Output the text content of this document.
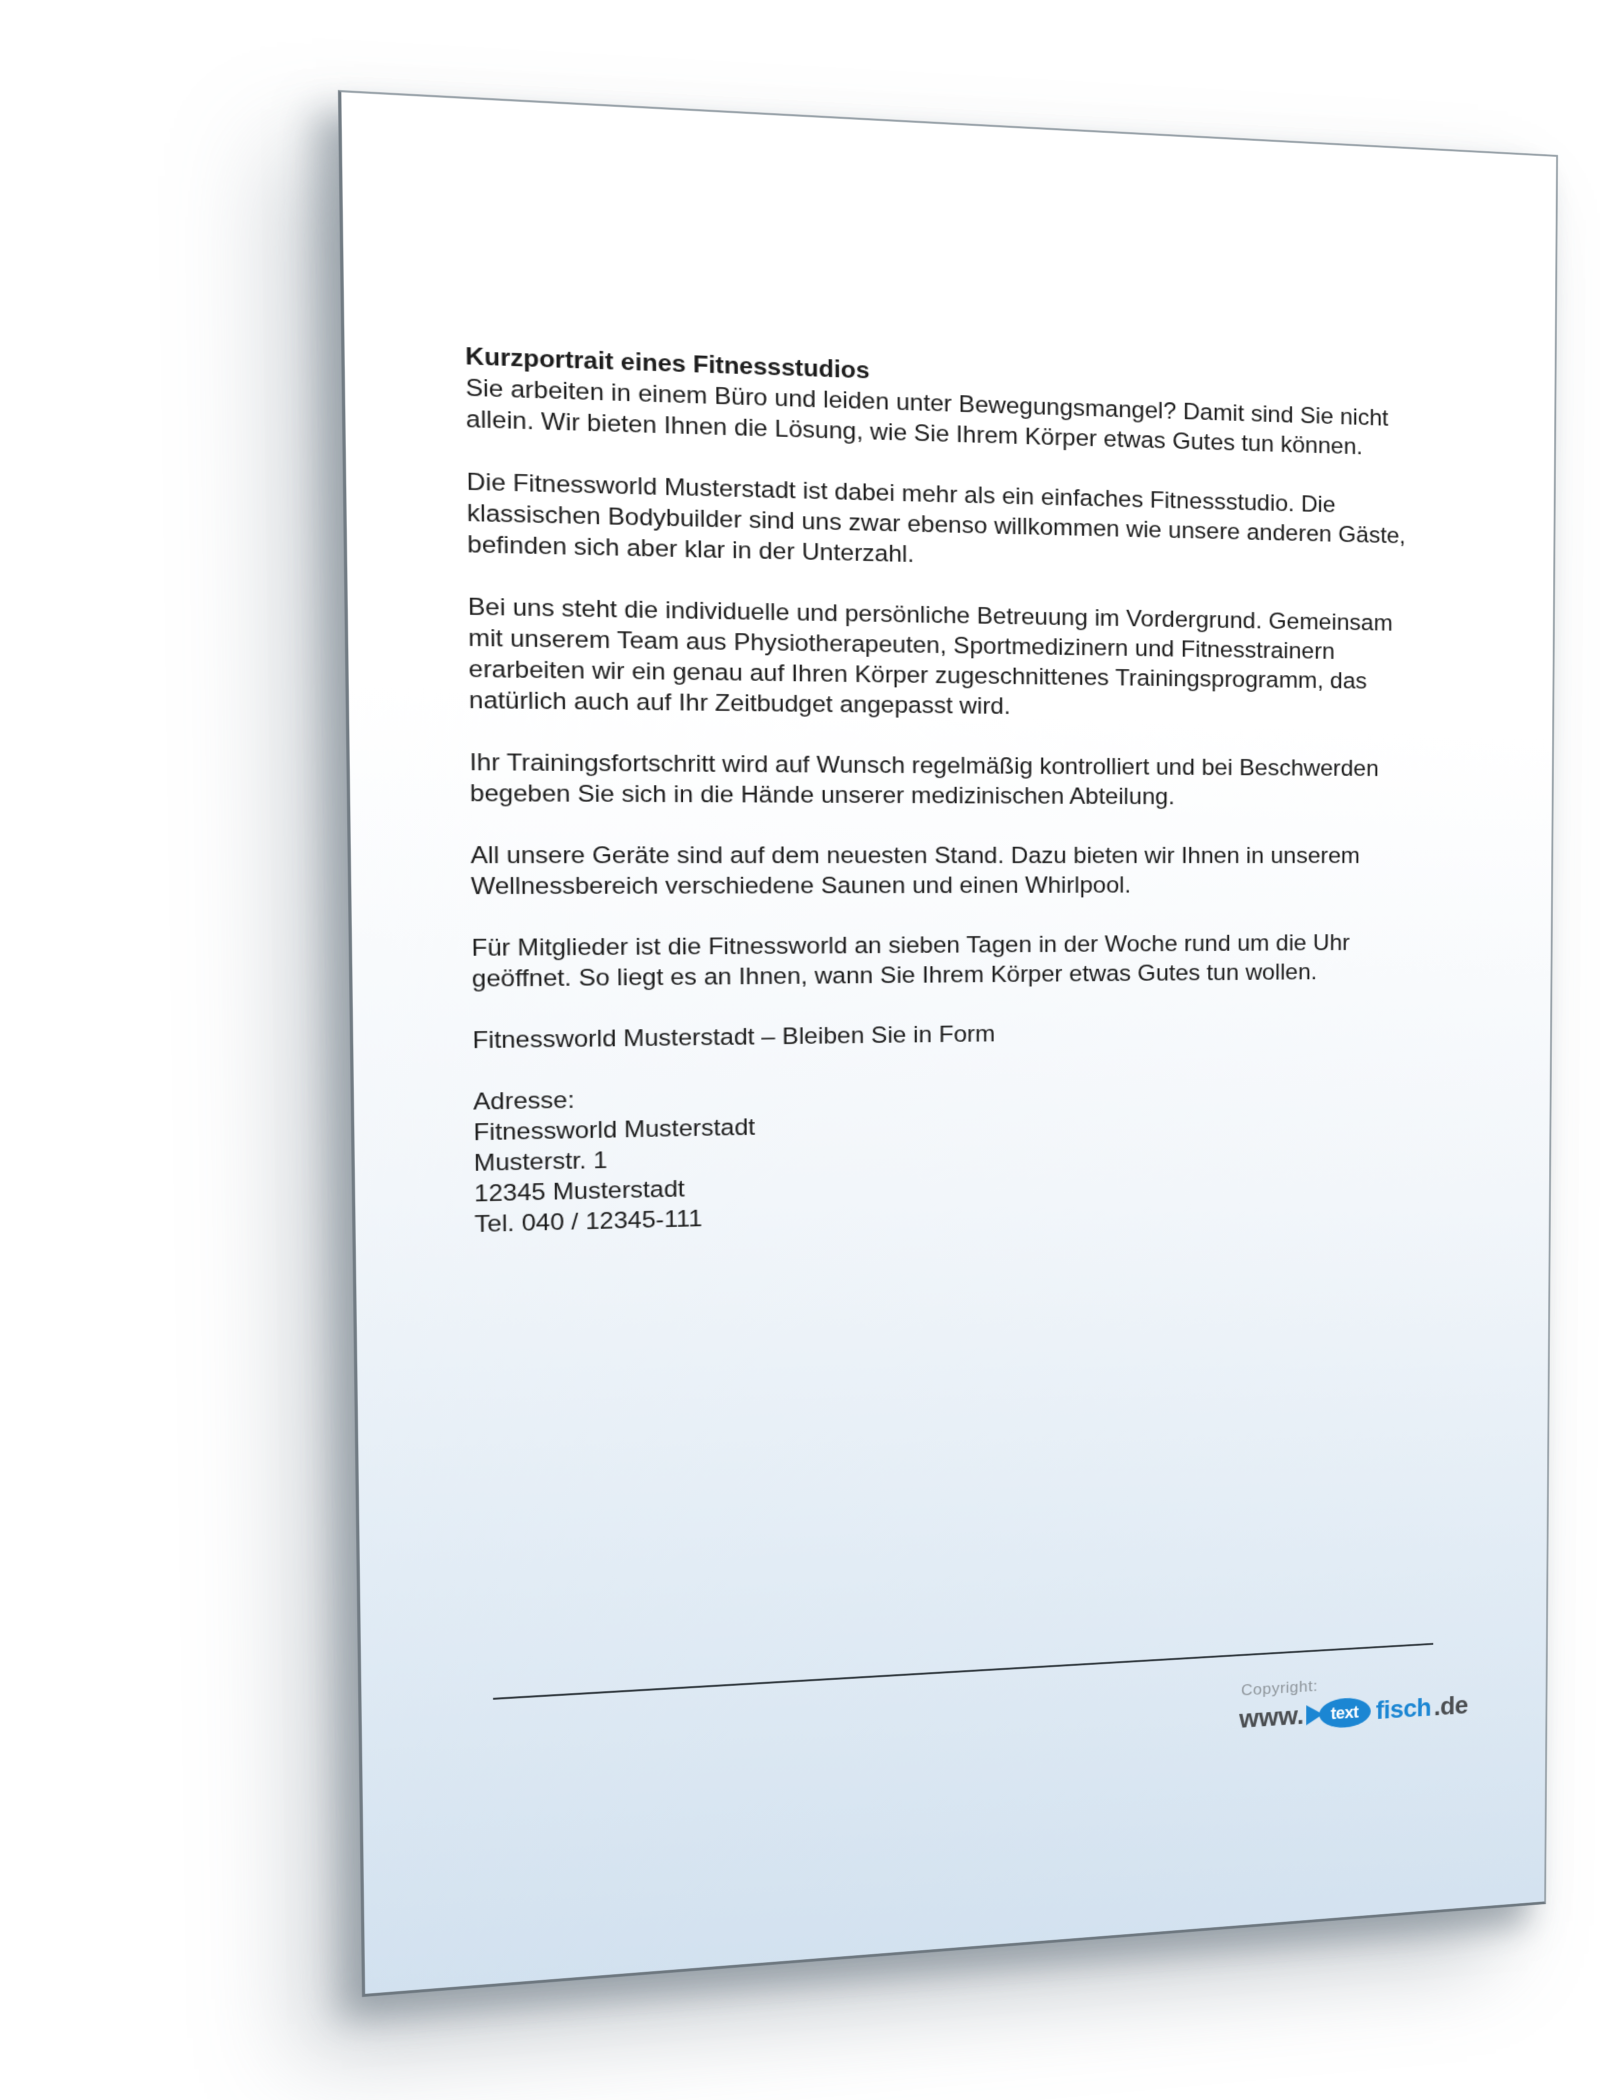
Kurzportrait eines Fitnessstudios
Sie arbeiten in einem Büro und leiden unter Bewegungsmangel? Damit sind Sie nicht
allein. Wir bieten Ihnen die Lösung, wie Sie Ihrem Körper etwas Gutes tun können.
Die Fitnessworld Musterstadt ist dabei mehr als ein einfaches Fitnessstudio. Die
klassischen Bodybuilder sind uns zwar ebenso willkommen wie unsere anderen Gäste,
befinden sich aber klar in der Unterzahl.
Bei uns steht die individuelle und persönliche Betreuung im Vordergrund. Gemeinsam
mit unserem Team aus Physiotherapeuten, Sportmedizinern und Fitnesstrainern
erarbeiten wir ein genau auf Ihren Körper zugeschnittenes Trainingsprogramm, das
natürlich auch auf Ihr Zeitbudget angepasst wird.
Ihr Trainingsfortschritt wird auf Wunsch regelmäßig kontrolliert und bei Beschwerden
begeben Sie sich in die Hände unserer medizinischen Abteilung.
All unsere Geräte sind auf dem neuesten Stand. Dazu bieten wir Ihnen in unserem
Wellnessbereich verschiedene Saunen und einen Whirlpool.
Für Mitglieder ist die Fitnessworld an sieben Tagen in der Woche rund um die Uhr
geöffnet. So liegt es an Ihnen, wann Sie Ihrem Körper etwas Gutes tun wollen.
Fitnessworld Musterstadt – Bleiben Sie in Form
Adresse:
Fitnessworld Musterstadt
Musterstr. 1
12345 Musterstadt
Tel. 040 / 12345-111
Copyright:
www. text fisch .de
